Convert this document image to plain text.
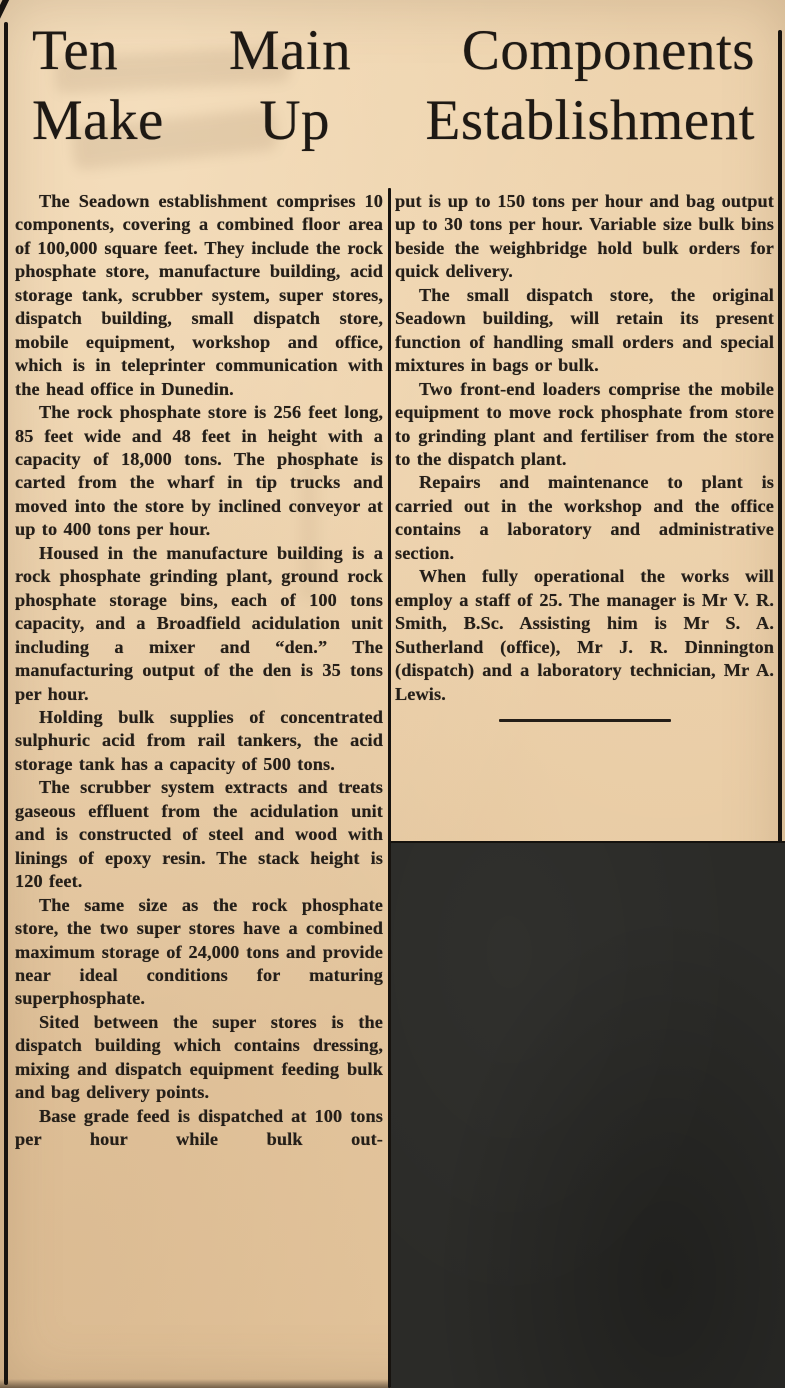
Ten Main Components
Make Up Establishment

The Seadown establishment comprises 10 components, covering a combined floor area of 100,000 square feet. They include the rock phosphate store, manufacture building, acid storage tank, scrubber system, super stores, dispatch building, small dispatch store, mobile equipment, workshop and office, which is in teleprinter communication with the head office in Dunedin.

The rock phosphate store is 256 feet long, 85 feet wide and 48 feet in height with a capacity of 18,000 tons. The phosphate is carted from the wharf in tip trucks and moved into the store by inclined conveyor at up to 400 tons per hour.

Housed in the manufacture building is a rock phosphate grinding plant, ground rock phosphate storage bins, each of 100 tons capacity, and a Broadfield acidulation unit including a mixer and “den.” The manufacturing output of the den is 35 tons per hour.

Holding bulk supplies of concentrated sulphuric acid from rail tankers, the acid storage tank has a capacity of 500 tons.

The scrubber system extracts and treats gaseous effluent from the acidulation unit and is constructed of steel and wood with linings of epoxy resin. The stack height is 120 feet.

The same size as the rock phosphate store, the two super stores have a combined maximum storage of 24,000 tons and provide near ideal conditions for maturing superphosphate.

Sited between the super stores is the dispatch building which contains dressing, mixing and dispatch equipment feeding bulk and bag delivery points.

Base grade feed is dispatched at 100 tons per hour while bulk out-

put is up to 150 tons per hour and bag output up to 30 tons per hour. Variable size bulk bins beside the weighbridge hold bulk orders for quick delivery.

The small dispatch store, the original Seadown building, will retain its present function of handling small orders and special mixtures in bags or bulk.

Two front-end loaders comprise the mobile equipment to move rock phosphate from store to grinding plant and fertiliser from the store to the dispatch plant.

Repairs and maintenance to plant is carried out in the workshop and the office contains a laboratory and administrative section.

When fully operational the works will employ a staff of 25. The manager is Mr V. R. Smith, B.Sc. Assisting him is Mr S. A. Sutherland (office), Mr J. R. Dinnington (dispatch) and a laboratory technician, Mr A. Lewis.
